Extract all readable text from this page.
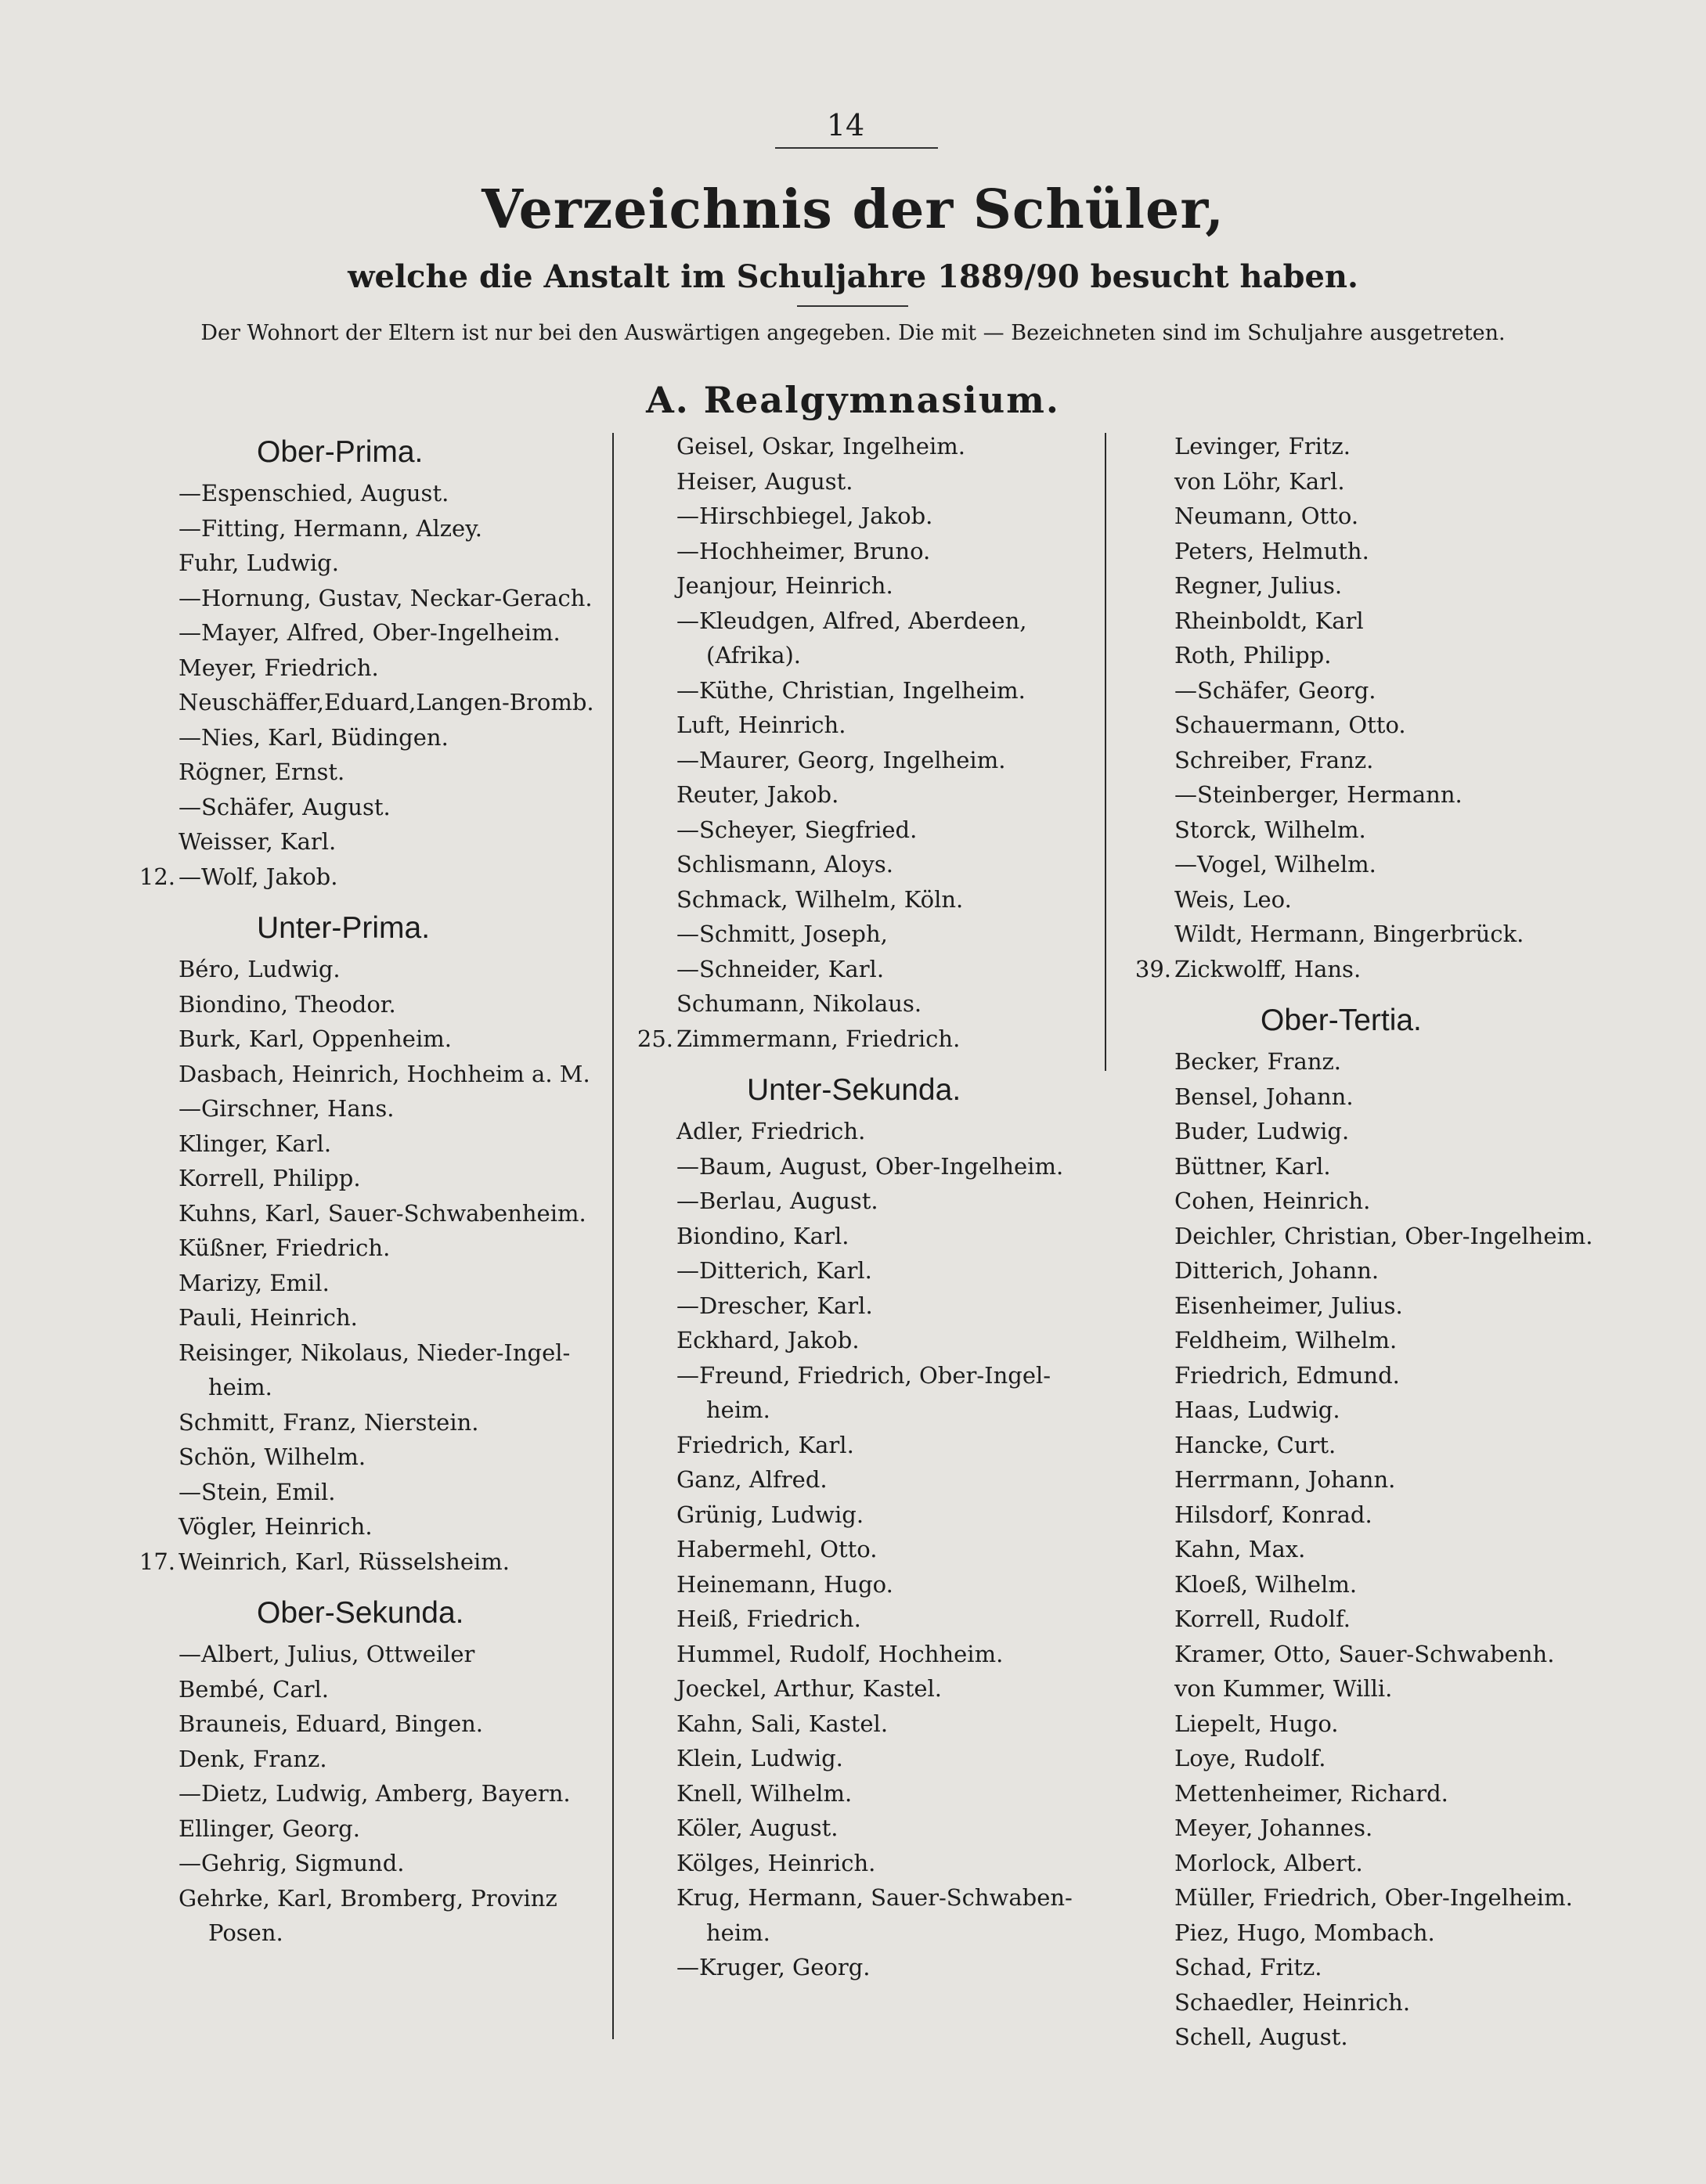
14
Verzeichnis der Schüler,
welche die Anstalt im Schuljahre 1889/90 besucht haben.
Der Wohnort der Eltern ist nur bei den Auswärtigen angegeben. Die mit — Bezeichneten sind im Schuljahre ausgetreten.
A. Realgymnasium.
Ober-Prima.
—Espenschied, August.
—Fitting, Hermann, Alzey.
Fuhr, Ludwig.
—Hornung, Gustav, Neckar-Gerach.
—Mayer, Alfred, Ober-Ingelheim.
Meyer, Friedrich.
Neuschäffer,Eduard,Langen-Bromb.
—Nies, Karl, Büdingen.
Rögner, Ernst.
—Schäfer, August.
Weisser, Karl.
12. —Wolf, Jakob.
Unter-Prima.
Béro, Ludwig.
Biondino, Theodor.
Burk, Karl, Oppenheim.
Dasbach, Heinrich, Hochheim a. M.
—Girschner, Hans.
Klinger, Karl.
Korrell, Philipp.
Kuhns, Karl, Sauer-Schwabenheim.
Küßner, Friedrich.
Marizy, Emil.
Pauli, Heinrich.
Reisinger, Nikolaus, Nieder-Ingel-
heim.
Schmitt, Franz, Nierstein.
Schön, Wilhelm.
—Stein, Emil.
Vögler, Heinrich.
17. Weinrich, Karl, Rüsselsheim.
Ober-Sekunda.
—Albert, Julius, Ottweiler
Bembé, Carl.
Brauneis, Eduard, Bingen.
Denk, Franz.
—Dietz, Ludwig, Amberg, Bayern.
Ellinger, Georg.
—Gehrig, Sigmund.
Gehrke, Karl, Bromberg, Provinz
Posen.
Geisel, Oskar, Ingelheim.
Heiser, August.
—Hirschbiegel, Jakob.
—Hochheimer, Bruno.
Jeanjour, Heinrich.
—Kleudgen, Alfred, Aberdeen,
(Afrika).
—Küthe, Christian, Ingelheim.
Luft, Heinrich.
—Maurer, Georg, Ingelheim.
Reuter, Jakob.
—Scheyer, Siegfried.
Schlismann, Aloys.
Schmack, Wilhelm, Köln.
—Schmitt, Joseph,
—Schneider, Karl.
Schumann, Nikolaus.
25. Zimmermann, Friedrich.
Unter-Sekunda.
Adler, Friedrich.
—Baum, August, Ober-Ingelheim.
—Berlau, August.
Biondino, Karl.
—Ditterich, Karl.
—Drescher, Karl.
Eckhard, Jakob.
—Freund, Friedrich, Ober-Ingel-
heim.
Friedrich, Karl.
Ganz, Alfred.
Grünig, Ludwig.
Habermehl, Otto.
Heinemann, Hugo.
Heiß, Friedrich.
Hummel, Rudolf, Hochheim.
Joeckel, Arthur, Kastel.
Kahn, Sali, Kastel.
Klein, Ludwig.
Knell, Wilhelm.
Köler, August.
Kölges, Heinrich.
Krug, Hermann, Sauer-Schwaben-
heim.
—Kruger, Georg.
Levinger, Fritz.
von Löhr, Karl.
Neumann, Otto.
Peters, Helmuth.
Regner, Julius.
Rheinboldt, Karl
Roth, Philipp.
—Schäfer, Georg.
Schauermann, Otto.
Schreiber, Franz.
—Steinberger, Hermann.
Storck, Wilhelm.
—Vogel, Wilhelm.
Weis, Leo.
Wildt, Hermann, Bingerbrück.
39. Zickwolff, Hans.
Ober-Tertia.
Becker, Franz.
Bensel, Johann.
Buder, Ludwig.
Büttner, Karl.
Cohen, Heinrich.
Deichler, Christian, Ober-Ingelheim.
Ditterich, Johann.
Eisenheimer, Julius.
Feldheim, Wilhelm.
Friedrich, Edmund.
Haas, Ludwig.
Hancke, Curt.
Herrmann, Johann.
Hilsdorf, Konrad.
Kahn, Max.
Kloeß, Wilhelm.
Korrell, Rudolf.
Kramer, Otto, Sauer-Schwabenh.
von Kummer, Willi.
Liepelt, Hugo.
Loye, Rudolf.
Mettenheimer, Richard.
Meyer, Johannes.
Morlock, Albert.
Müller, Friedrich, Ober-Ingelheim.
Piez, Hugo, Mombach.
Schad, Fritz.
Schaedler, Heinrich.
Schell, August.
